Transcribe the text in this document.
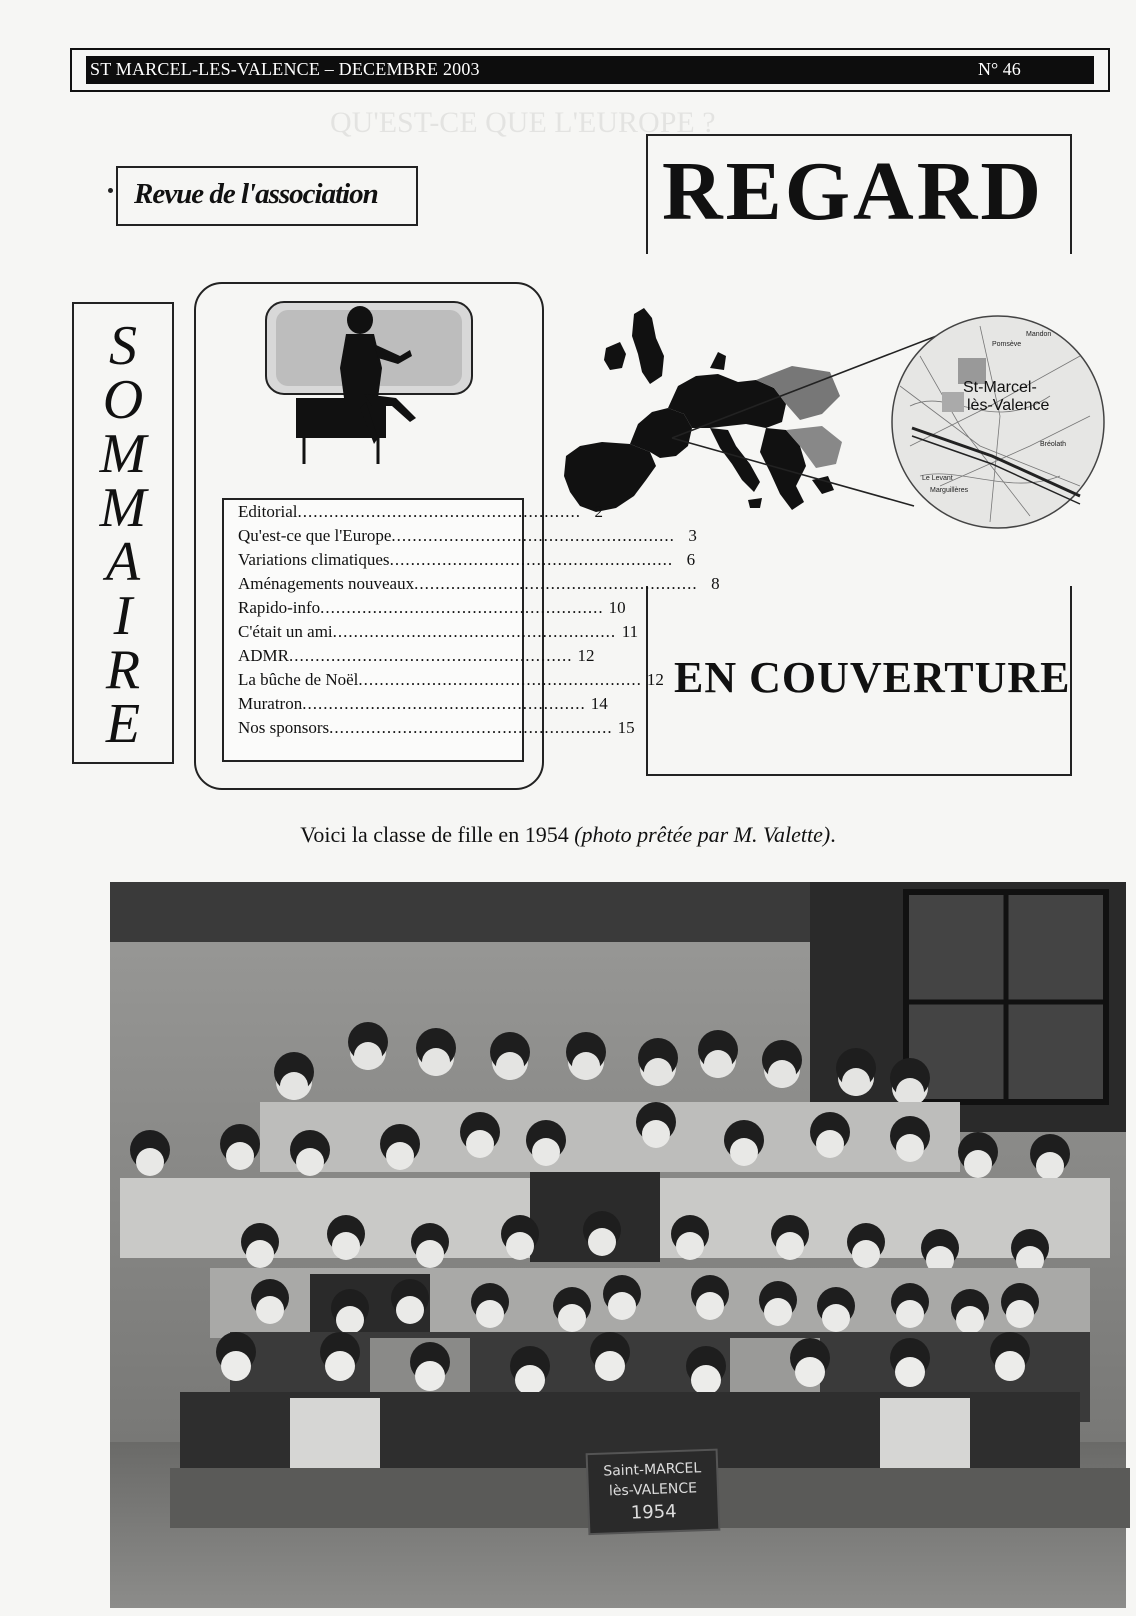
ST MARCEL-LES-VALENCE – DECEMBRE 2003	N° 46
QU'EST-CE QUE L'EUROPE ?
Revue de l'association	REGARD
St-Marcel-
lès-Valence
Mandon
Pomsève
Le Levant
Marguillères
Bréolath
EN COUVERTURE
S
O
M
M
A
I
R
E
Editorial ...................................................... 2
Qu'est-ce que l'Europe ...................................................... 3
Variations climatiques ...................................................... 6
Aménagements nouveaux ...................................................... 8
Rapido-info ...................................................... 10
C'était un ami ...................................................... 11
ADMR ...................................................... 12
La bûche de Noël ...................................................... 12
Muratron ...................................................... 14
Nos sponsors ...................................................... 15
Voici la classe de fille en 1954 (photo prêtée par M. Valette).
Saint-MARCEL
lès-VALENCE
1954
